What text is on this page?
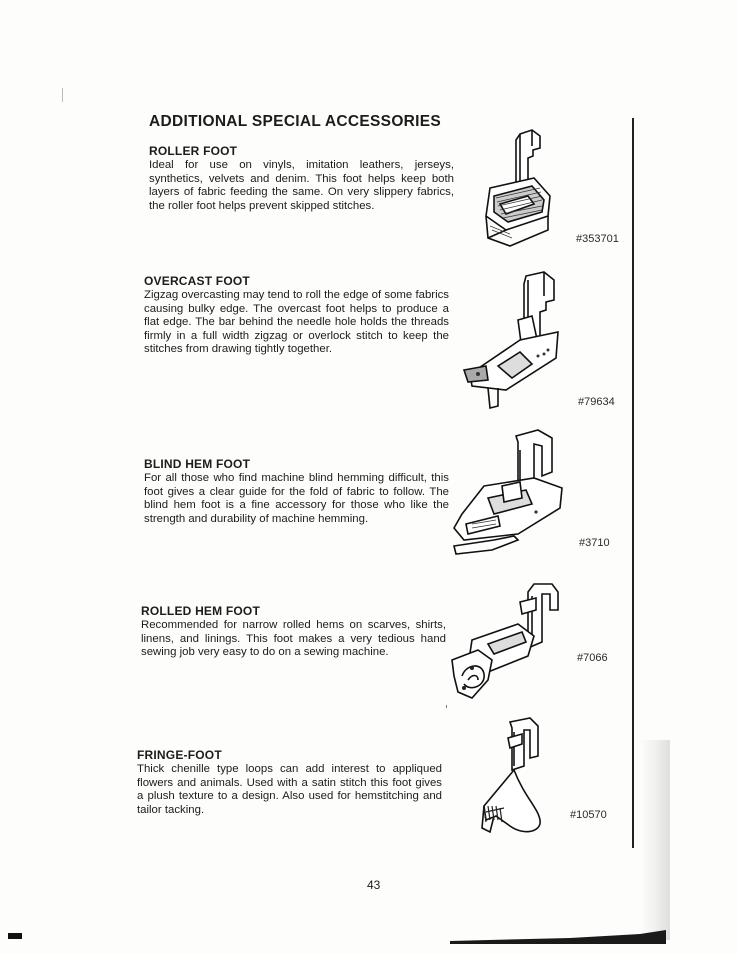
ADDITIONAL SPECIAL ACCESSORIES
ROLLER FOOT

Ideal for use on vinyls, imitation leathers, jerseys, synthetics, velvets and denim. This foot helps keep both layers of fabric feeding the same. On very slippery fabrics, the roller foot helps prevent skipped stitches.

#353701
OVERCAST FOOT

Zigzag overcasting may tend to roll the edge of some fabrics causing bulky edge. The overcast foot helps to produce a flat edge. The bar behind the needle hole holds the threads firmly in a full width zigzag or overlock stitch to keep the stitches from drawing tightly together.

#79634
BLIND HEM FOOT

For all those who find machine blind hemming difficult, this foot gives a clear guide for the fold of fabric to follow. The blind hem foot is a fine accessory for those who like the strength and durability of machine hemming.

#3710
ROLLED HEM FOOT

Recommended for narrow rolled hems on scarves, shirts, linens, and linings. This foot makes a very tedious hand sewing job very easy to do on a sewing machine.	#7066
FRINGE-FOOT

Thick chenille type loops can add interest to appliqued flowers and animals. Used with a satin stitch this foot gives a plush texture to a design. Also used for hemstitching and tailor tacking.	#10570
43
